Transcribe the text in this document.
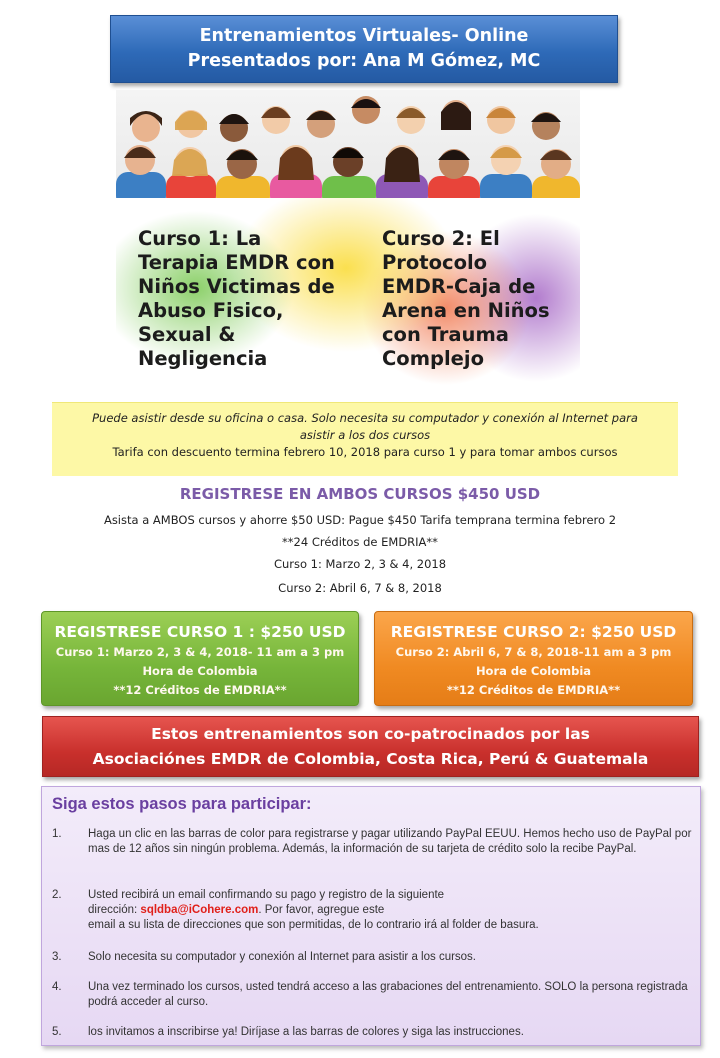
Entrenamientos Virtuales- Online
Presentados por: Ana M Gómez, MC
Curso 1: La
Terapia EMDR con
Niños Victimas de
Abuso Fisico,
Sexual &
Negligencia
Curso 2: El
Protocolo
EMDR-Caja de
Arena en Niños
con Trauma
Complejo
Puede asistir desde su oficina o casa. Solo necesita su computador y conexión al Internet para
asistir a los dos cursos
Tarifa con descuento termina febrero 10, 2018 para curso 1 y para tomar ambos cursos
REGISTRESE EN AMBOS CURSOS $450 USD
Asista a AMBOS cursos y ahorre $50 USD: Pague $450 Tarifa temprana termina febrero 2
**24 Créditos de EMDRIA**
Curso 1: Marzo 2, 3 & 4, 2018
Curso 2: Abril 6, 7 & 8, 2018
REGISTRESE CURSO 1 : $250 USD
Curso 1: Marzo 2, 3 & 4, 2018- 11 am a 3 pm
Hora de Colombia
**12 Créditos de EMDRIA**
REGISTRESE CURSO 2: $250 USD
Curso 2: Abril 6, 7 & 8, 2018-11 am a 3 pm
Hora de Colombia
**12 Créditos de EMDRIA**
Estos entrenamientos son co-patrocinados por las
Asociaciónes EMDR de Colombia, Costa Rica, Perú & Guatemala
Siga estos pasos para participar:
1. Haga un clic en las barras de color para registrarse y pagar utilizando PayPal EEUU. Hemos hecho uso de PayPal por mas de 12 años sin ningún problema. Además, la información de su tarjeta de crédito solo la recibe PayPal.
2. Usted recibirá un email confirmando su pago y registro de la siguiente
dirección: sqldba@iCohere.com. Por favor, agregue este
email a su lista de direcciones que son permitidas, de lo contrario irá al folder de basura.
3. Solo necesita su computador y conexión al Internet para asistir a los cursos.
4. Una vez terminado los cursos, usted tendrá acceso a las grabaciones del entrenamiento. SOLO la persona registrada podrá acceder al curso.
5. los invitamos a inscribirse ya! Diríjase a las barras de colores y siga las instrucciones.
